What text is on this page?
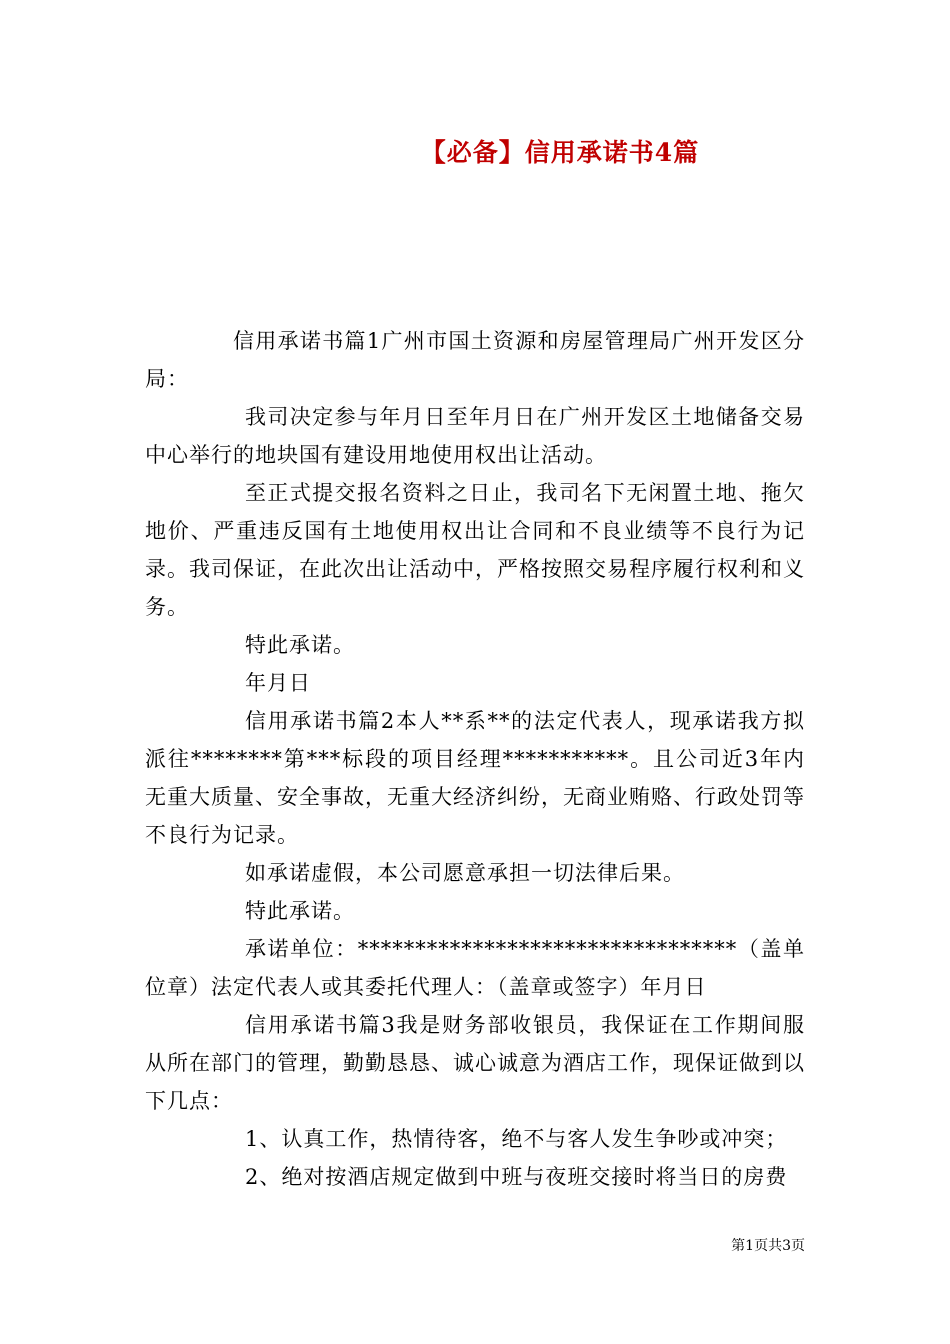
【必备】信用承诺书4篇

信用承诺书篇1广州市国土资源和房屋管理局广州开发区分局：

我司决定参与年月日至年月日在广州开发区土地储备交易中心举行的地块国有建设用地使用权出让活动。

至正式提交报名资料之日止，我司名下无闲置土地、拖欠地价、严重违反国有土地使用权出让合同和不良业绩等不良行为记录。我司保证，在此次出让活动中，严格按照交易程序履行权利和义务。

特此承诺。

年月日

信用承诺书篇2本人**系**的法定代表人，现承诺我方拟派往********第***标段的项目经理***********。且公司近3年内无重大质量、安全事故，无重大经济纠纷，无商业贿赂、行政处罚等不良行为记录。

如承诺虚假，本公司愿意承担一切法律后果。

特此承诺。

承诺单位：*********************************（盖单位章）法定代表人或其委托代理人：（盖章或签字）年月日

信用承诺书篇3我是财务部收银员，我保证在工作期间服从所在部门的管理，勤勤恳恳、诚心诚意为酒店工作，现保证做到以下几点：

1、认真工作，热情待客，绝不与客人发生争吵或冲突；

2、绝对按酒店规定做到中班与夜班交接时将当日的房费

第1页共3页
